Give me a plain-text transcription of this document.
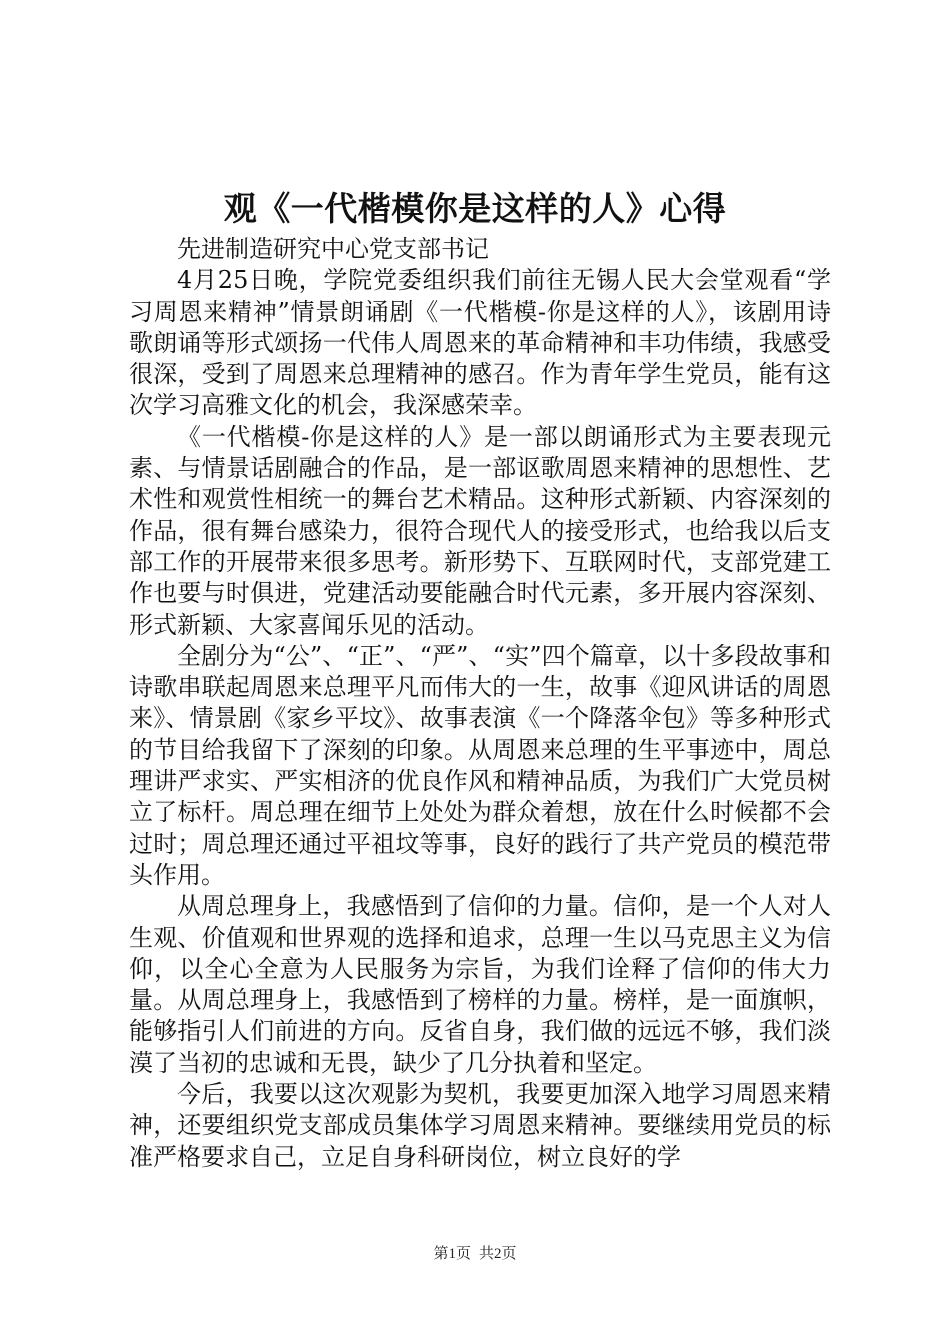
观《一代楷模你是这样的人》心得

先进制造研究中心党支部书记

4月25日晚，学院党委组织我们前往无锡人民大会堂观看“学习周恩来精神”情景朗诵剧《一代楷模-你是这样的人》，该剧用诗歌朗诵等形式颂扬一代伟人周恩来的革命精神和丰功伟绩，我感受很深，受到了周恩来总理精神的感召。作为青年学生党员，能有这次学习高雅文化的机会，我深感荣幸。

《一代楷模-你是这样的人》是一部以朗诵形式为主要表现元素、与情景话剧融合的作品，是一部讴歌周恩来精神的思想性、艺术性和观赏性相统一的舞台艺术精品。这种形式新颖、内容深刻的作品，很有舞台感染力，很符合现代人的接受形式，也给我以后支部工作的开展带来很多思考。新形势下、互联网时代，支部党建工作也要与时俱进，党建活动要能融合时代元素，多开展内容深刻、形式新颖、大家喜闻乐见的活动。

全剧分为“公”、“正”、“严”、“实”四个篇章，以十多段故事和诗歌串联起周恩来总理平凡而伟大的一生，故事《迎风讲话的周恩来》、情景剧《家乡平坟》、故事表演《一个降落伞包》等多种形式的节目给我留下了深刻的印象。从周恩来总理的生平事迹中，周总理讲严求实、严实相济的优良作风和精神品质，为我们广大党员树立了标杆。周总理在细节上处处为群众着想，放在什么时候都不会过时；周总理还通过平祖坟等事，良好的践行了共产党员的模范带头作用。

从周总理身上，我感悟到了信仰的力量。信仰，是一个人对人生观、价值观和世界观的选择和追求，总理一生以马克思主义为信仰，以全心全意为人民服务为宗旨，为我们诠释了信仰的伟大力量。从周总理身上，我感悟到了榜样的力量。榜样，是一面旗帜，能够指引人们前进的方向。反省自身，我们做的远远不够，我们淡漠了当初的忠诚和无畏，缺少了几分执着和坚定。

今后，我要以这次观影为契机，我要更加深入地学习周恩来精神，还要组织党支部成员集体学习周恩来精神。要继续用党员的标准严格要求自己，立足自身科研岗位，树立良好的学

第1页 共2页
